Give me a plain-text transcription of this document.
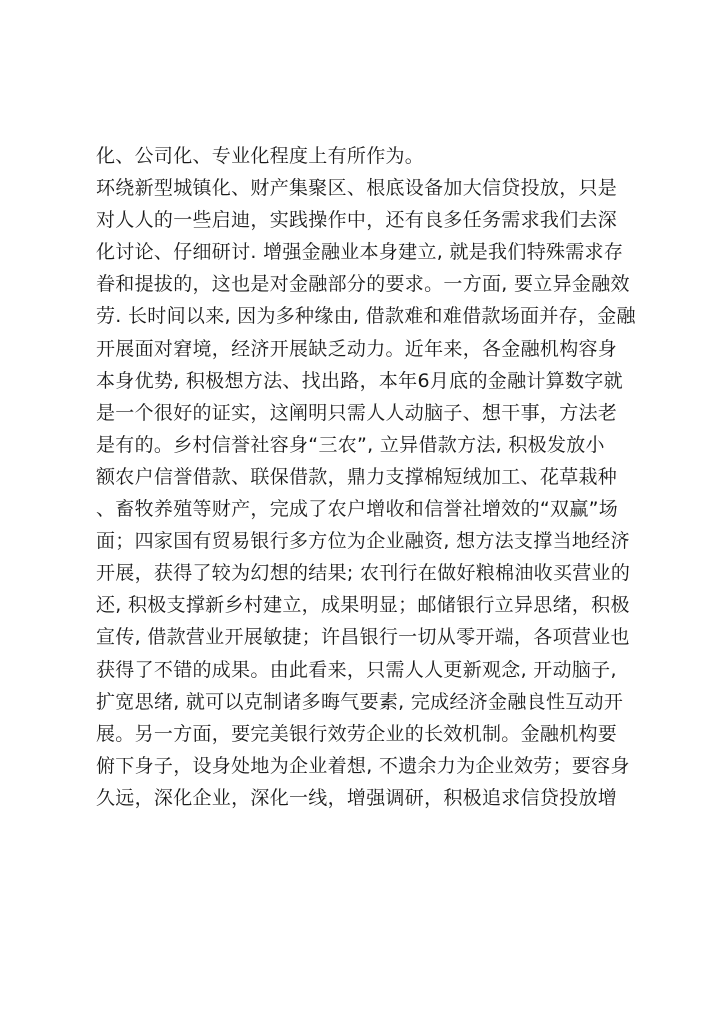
化、公司化、专业化程度上有所作为。
环绕新型城镇化、财产集聚区、根底设备加大信贷投放，只是
对人人的一些启迪，实践操作中，还有良多任务需求我们去深
化讨论、仔细研讨. 增强金融业本身建立, 就是我们特殊需求存
眷和提拔的，这也是对金融部分的要求。一方面, 要立异金融效
劳. 长时间以来, 因为多种缘由, 借款难和难借款场面并存，金融
开展面对窘境，经济开展缺乏动力。近年来，各金融机构容身
本身优势, 积极想方法、找出路，本年6月底的金融计算数字就
是一个很好的证实，这阐明只需人人动脑子、想干事，方法老
是有的。乡村信誉社容身“三农”, 立异借款方法, 积极发放小
额农户信誉借款、联保借款，鼎力支撑棉短绒加工、花草栽种
、畜牧养殖等财产，完成了农户增收和信誉社增效的“双赢”场
面；四家国有贸易银行多方位为企业融资, 想方法支撑当地经济
开展，获得了较为幻想的结果; 农刊行在做好粮棉油收买营业的
还, 积极支撑新乡村建立，成果明显；邮储银行立异思绪，积极
宣传, 借款营业开展敏捷；许昌银行一切从零开端，各项营业也
获得了不错的成果。由此看来，只需人人更新观念, 开动脑子,
扩宽思绪, 就可以克制诸多晦气要素, 完成经济金融良性互动开
展。另一方面，要完美银行效劳企业的长效机制。金融机构要
俯下身子，设身处地为企业着想, 不遗余力为企业效劳；要容身
久远，深化企业，深化一线，增强调研，积极追求信贷投放增
